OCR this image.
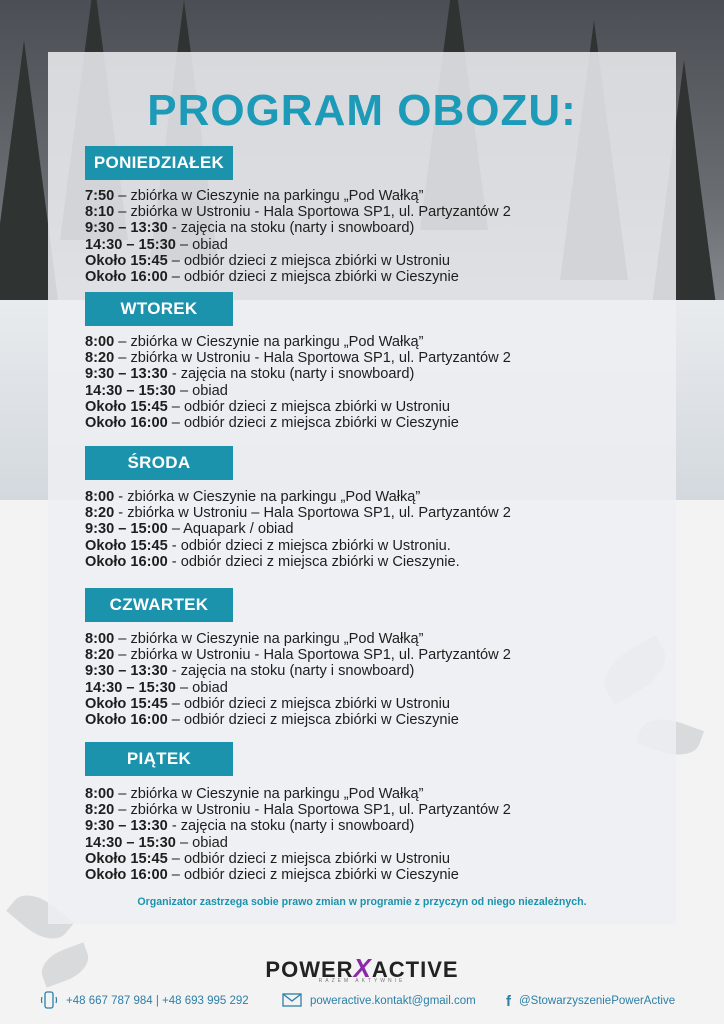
PROGRAM OBOZU:
PONIEDZIAŁEK
7:50 – zbiórka w Cieszynie na parkingu „Pod Wałką”
8:10 – zbiórka w Ustroniu - Hala Sportowa SP1, ul. Partyzantów 2
9:30 – 13:30 - zajęcia na stoku (narty i snowboard)
14:30 – 15:30 – obiad
Około 15:45 – odbiór dzieci z miejsca zbiórki w Ustroniu
Około 16:00 – odbiór dzieci z miejsca zbiórki w Cieszynie
WTOREK
8:00 – zbiórka w Cieszynie na parkingu „Pod Wałką”
8:20 – zbiórka w Ustroniu - Hala Sportowa SP1, ul. Partyzantów 2
9:30 – 13:30 - zajęcia na stoku (narty i snowboard)
14:30 – 15:30 – obiad
Około 15:45 – odbiór dzieci z miejsca zbiórki w Ustroniu
Około 16:00 – odbiór dzieci z miejsca zbiórki w Cieszynie
ŚRODA
8:00 - zbiórka w Cieszynie na parkingu „Pod Wałką”
8:20 - zbiórka w Ustroniu – Hala Sportowa SP1, ul. Partyzantów 2
9:30 – 15:00 – Aquapark / obiad
Około 15:45 - odbiór dzieci z miejsca zbiórki w Ustroniu.
Około 16:00 - odbiór dzieci z miejsca zbiórki w Cieszynie.
CZWARTEK
8:00 – zbiórka w Cieszynie na parkingu „Pod Wałką”
8:20 – zbiórka w Ustroniu - Hala Sportowa SP1, ul. Partyzantów 2
9:30 – 13:30 - zajęcia na stoku (narty i snowboard)
14:30 – 15:30 – obiad
Około 15:45 – odbiór dzieci z miejsca zbiórki w Ustroniu
Około 16:00 – odbiór dzieci z miejsca zbiórki w Cieszynie
PIĄTEK
8:00 – zbiórka w Cieszynie na parkingu „Pod Wałką”
8:20 – zbiórka w Ustroniu - Hala Sportowa SP1, ul. Partyzantów 2
9:30 – 13:30 - zajęcia na stoku (narty i snowboard)
14:30 – 15:30 – obiad
Około 15:45 – odbiór dzieci z miejsca zbiórki w Ustroniu
Około 16:00 – odbiór dzieci z miejsca zbiórki w Cieszynie
Organizator zastrzega sobie prawo zmian w programie z przyczyn od niego niezależnych.
POWERXACTIVE
RAZEM AKTYWNIE
+48 667 787 984 | +48 693 995 292	poweractive.kontakt@gmail.com f @StowarzyszeniePowerActive
